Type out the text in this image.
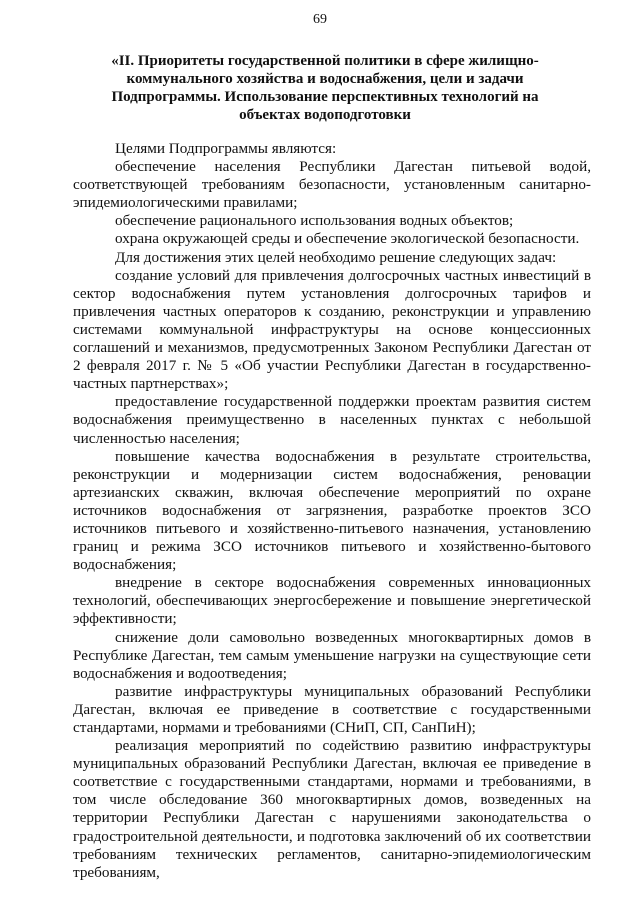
69
«II. Приоритеты государственной политики в сфере жилищно-коммунального хозяйства и водоснабжения, цели и задачи Подпрограммы. Использование перспективных технологий на объектах водоподготовки

Целями Подпрограммы являются:

обеспечение населения Республики Дагестан питьевой водой, соответствующей требованиям безопасности, установленным санитарно-эпидемиологическими правилами;

обеспечение рационального использования водных объектов;

охрана окружающей среды и обеспечение экологической безопасности.

Для достижения этих целей необходимо решение следующих задач:

создание условий для привлечения долгосрочных частных инвестиций в сектор водоснабжения путем установления долгосрочных тарифов и привлечения частных операторов к созданию, реконструкции и управлению системами коммунальной инфраструктуры на основе концессионных соглашений и механизмов, предусмотренных Законом Республики Дагестан от 2 февраля 2017 г. № 5 «Об участии Республики Дагестан в государственно-частных партнерствах»;

предоставление государственной поддержки проектам развития систем водоснабжения преимущественно в населенных пунктах с небольшой численностью населения;

повышение качества водоснабжения в результате строительства, реконструкции и модернизации систем водоснабжения, реновации артезианских скважин, включая обеспечение мероприятий по охране источников водоснабжения от загрязнения, разработке проектов ЗСО источников питьевого и хозяйственно-питьевого назначения, установлению границ и режима ЗСО источников питьевого и хозяйственно-бытового водоснабжения;

внедрение в секторе водоснабжения современных инновационных технологий, обеспечивающих энергосбережение и повышение энергетической эффективности;

снижение доли самовольно возведенных многоквартирных домов в Республике Дагестан, тем самым уменьшение нагрузки на существующие сети водоснабжения и водоотведения;

развитие инфраструктуры муниципальных образований Республики Дагестан, включая ее приведение в соответствие с государственными стандартами, нормами и требованиями (СНиП, СП, СанПиН);

реализация мероприятий по содействию развитию инфраструктуры муниципальных образований Республики Дагестан, включая ее приведение в соответствие с государственными стандартами, нормами и требованиями, в том числе обследование 360 многоквартирных домов, возведенных на территории Республики Дагестан с нарушениями законодательства о градостроительной деятельности, и подготовка заключений об их соответствии требованиям технических регламентов, санитарно-эпидемиологическим требованиям,
